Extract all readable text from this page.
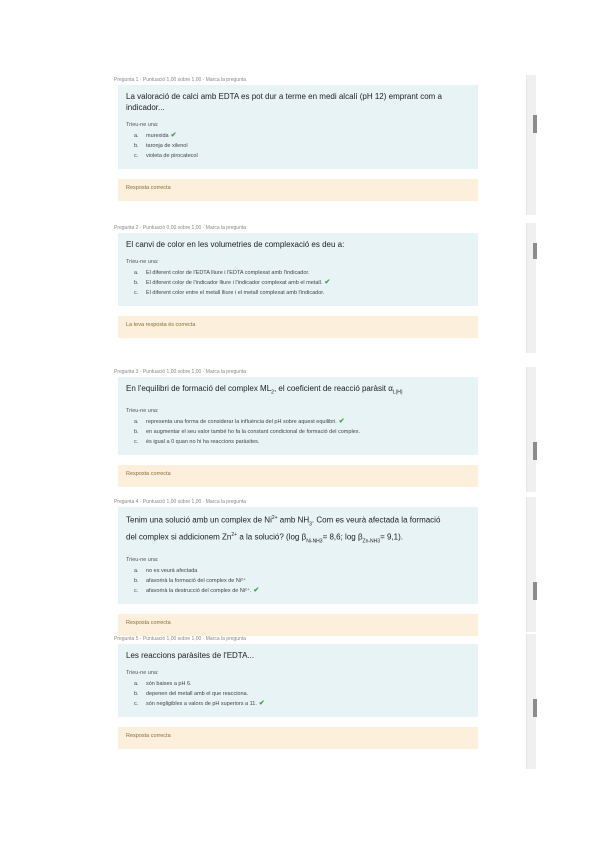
Pregunta 1 · Puntuació 1,00 sobre 1,00 · Marca la pregunta
La valoració de calci amb EDTA es pot dur a terme en medi alcalí (pH 12) emprant com a indicador...
Trieu-ne una:
a. murexida ✔
b. taronja de xilenol
c. violeta de pirocatecol
Resposta correcta
Pregunta 2 · Puntuació 0,00 sobre 1,00 · Marca la pregunta
El canvi de color en les volumetries de complexació es deu a:
Trieu-ne una:
a. El diferent color de l'EDTA lliure i l'EDTA complexat amb l'indicador.
b. El diferent color de l'indicador lliure i l'indicador complexat amb el metall. ✔
c. El diferent color entre el metall lliure i el metall complexat amb l'indicador.
La teva resposta és correcta
Pregunta 3 · Puntuació 1,00 sobre 1,00 · Marca la pregunta
En l'equilibri de formació del complex $ML_2$, el coeficient de reacció paràsit $\alpha_{L(H)}$
Trieu-ne una:
a. representa una forma de considerar la influència del pH sobre aquest equilibri. ✔
b. en augmentar el seu valor també ho fa la constant condicional de formació del complex.
c. és igual a 0 quan no hi ha reaccions paràsites.
Resposta correcta
Pregunta 4 · Puntuació 1,00 sobre 1,00 · Marca la pregunta
Tenim una solució amb un complex de $Ni^{2+}$ amb $NH_3$. Com es veurà afectada la formació
del complex si addicionem $Zn^{2+}$ a la solució? (log $\beta_{Ni-NH3}= 8,6$; $\log \beta_{Zn-NH3}= 9,1$).
Trieu-ne una:
a. no es veurà afectada
b. afavorirà la formació del complex de Ni²⁺
c. afavorirà la destrucció del complex de Ni²⁺. ✔
Resposta correcta
Pregunta 5 · Puntuació 1,00 sobre 1,00 · Marca la pregunta
Les reaccions paràsites de l'EDTA...
Trieu-ne una:
a. són baixes a pH 6.
b. depenen del metall amb el que reacciona.
c. són negligibles a valors de pH superiors a 11. ✔
Resposta correcta
